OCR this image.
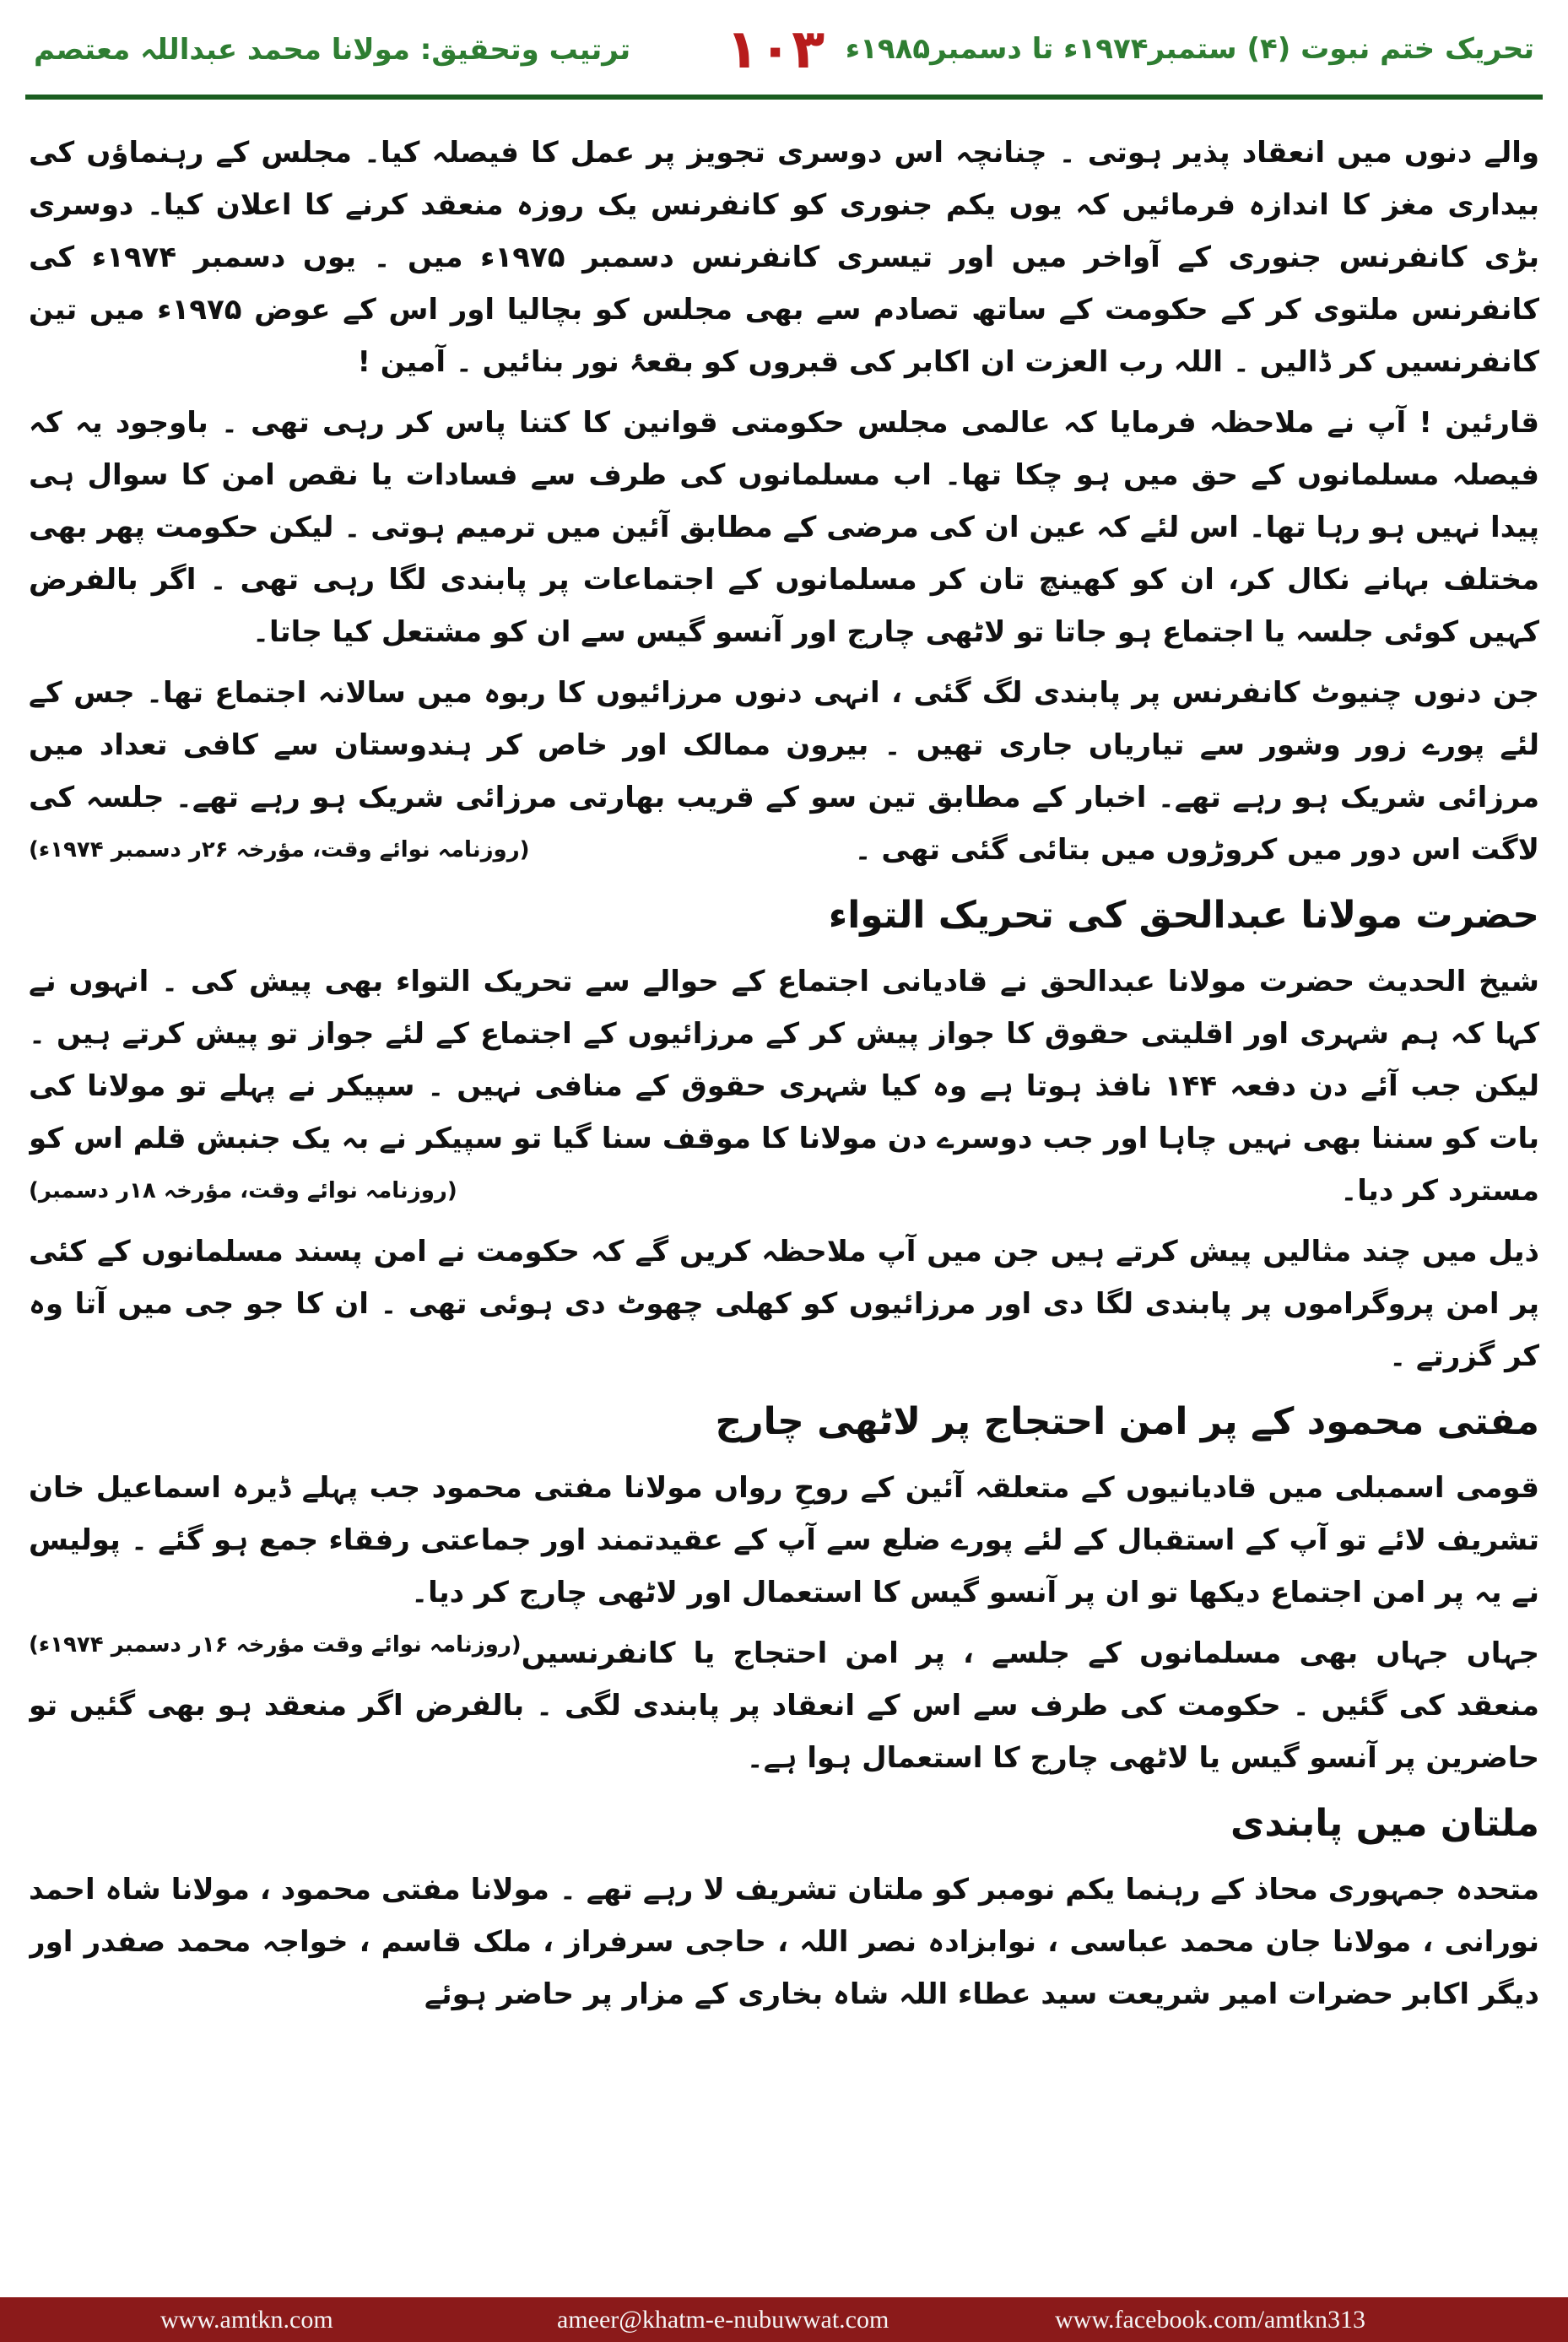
ترتیب وتحقیق: مولانا محمد عبداللہ معتصم ۱۰۳ تحریک ختم نبوت (۴) ستمبر۱۹۷۴ء تا دسمبر۱۹۸۵ء

والے دنوں میں انعقاد پذیر ہوتی ۔ چنانچہ اس دوسری تجویز پر عمل کا فیصلہ کیا۔ مجلس کے رہنماؤں کی بیداری مغز کا اندازہ فرمائیں کہ یوں یکم جنوری کو کانفرنس یک روزہ منعقد کرنے کا اعلان کیا۔ دوسری بڑی کانفرنس جنوری کے آواخر میں اور تیسری کانفرنس دسمبر ۱۹۷۵ء میں ۔ یوں دسمبر ۱۹۷۴ء کی کانفرنس ملتوی کر کے حکومت کے ساتھ تصادم سے بھی مجلس کو بچالیا اور اس کے عوض ۱۹۷۵ء میں تین کانفرنسیں کر ڈالیں ۔ اللہ رب العزت ان اکابر کی قبروں کو بقعۂ نور بنائیں ۔ آمین !

قارئین ! آپ نے ملاحظہ فرمایا کہ عالمی مجلس حکومتی قوانین کا کتنا پاس کر رہی تھی ۔ باوجود یہ کہ فیصلہ مسلمانوں کے حق میں ہو چکا تھا۔ اب مسلمانوں کی طرف سے فسادات یا نقص امن کا سوال ہی پیدا نہیں ہو رہا تھا۔ اس لئے کہ عین ان کی مرضی کے مطابق آئین میں ترمیم ہوتی ۔ لیکن حکومت پھر بھی مختلف بہانے نکال کر، ان کو کھینچ تان کر مسلمانوں کے اجتماعات پر پابندی لگا رہی تھی ۔ اگر بالفرض کہیں کوئی جلسہ یا اجتماع ہو جاتا تو لاٹھی چارج اور آنسو گیس سے ان کو مشتعل کیا جاتا۔

جن دنوں چنیوٹ کانفرنس پر پابندی لگ گئی ، انہی دنوں مرزائیوں کا ربوہ میں سالانہ اجتماع تھا۔ جس کے لئے پورے زور وشور سے تیاریاں جاری تھیں ۔ بیرون ممالک اور خاص کر ہندوستان سے کافی تعداد میں مرزائی شریک ہو رہے تھے۔ اخبار کے مطابق تین سو کے قریب بھارتی مرزائی شریک ہو رہے تھے۔ جلسہ کی لاگت اس دور میں کروڑوں میں بتائی گئی تھی ۔
(روزنامہ نوائے وقت، مؤرخہ ۲۶ر دسمبر ۱۹۷۴ء)

حضرت مولانا عبدالحق کی تحریک التواء

شیخ الحدیث حضرت مولانا عبدالحق نے قادیانی اجتماع کے حوالے سے تحریک التواء بھی پیش کی ۔ انہوں نے کہا کہ ہم شہری اور اقلیتی حقوق کا جواز پیش کر کے مرزائیوں کے اجتماع کے لئے جواز تو پیش کرتے ہیں ۔ لیکن جب آئے دن دفعہ ۱۴۴ نافذ ہوتا ہے وہ کیا شہری حقوق کے منافی نہیں ۔ سپیکر نے پہلے تو مولانا کی بات کو سننا بھی نہیں چاہا اور جب دوسرے دن مولانا کا موقف سنا گیا تو سپیکر نے بہ یک جنبش قلم اس کو مسترد کر دیا۔
(روزنامہ نوائے وقت، مؤرخہ ۱۸ر دسمبر)

ذیل میں چند مثالیں پیش کرتے ہیں جن میں آپ ملاحظہ کریں گے کہ حکومت نے امن پسند مسلمانوں کے کئی پر امن پروگراموں پر پابندی لگا دی اور مرزائیوں کو کھلی چھوٹ دی ہوئی تھی ۔ ان کا جو جی میں آتا وہ کر گزرتے ۔

مفتی محمود کے پر امن احتجاج پر لاٹھی چارج

قومی اسمبلی میں قادیانیوں کے متعلقہ آئین کے روحِ رواں مولانا مفتی محمود جب پہلے ڈیرہ اسماعیل خان تشریف لائے تو آپ کے استقبال کے لئے پورے ضلع سے آپ کے عقیدتمند اور جماعتی رفقاء جمع ہو گئے ۔ پولیس نے یہ پر امن اجتماع دیکھا تو ان پر آنسو گیس کا استعمال اور لاٹھی چارج کر دیا۔
(روزنامہ نوائے وقت مؤرخہ ۱۶ر دسمبر ۱۹۷۴ء) جہاں جہاں بھی مسلمانوں کے جلسے ، پر امن احتجاج یا کانفرنسیں منعقد کی گئیں ۔ حکومت کی طرف سے اس کے انعقاد پر پابندی لگی ۔ بالفرض اگر منعقد ہو بھی گئیں تو حاضرین پر آنسو گیس یا لاٹھی چارج کا استعمال ہوا ہے۔

ملتان میں پابندی

متحدہ جمہوری محاذ کے رہنما یکم نومبر کو ملتان تشریف لا رہے تھے ۔ مولانا مفتی محمود ، مولانا شاہ احمد نورانی ، مولانا جان محمد عباسی ، نوابزادہ نصر اللہ ، حاجی سرفراز ، ملک قاسم ، خواجہ محمد صفدر اور دیگر اکابر حضرات امیر شریعت سید عطاء اللہ شاہ بخاری کے مزار پر حاضر ہوئے

www.amtkn.com	ameer@khatm-e-nubuwwat.com	www.facebook.com/amtkn313
